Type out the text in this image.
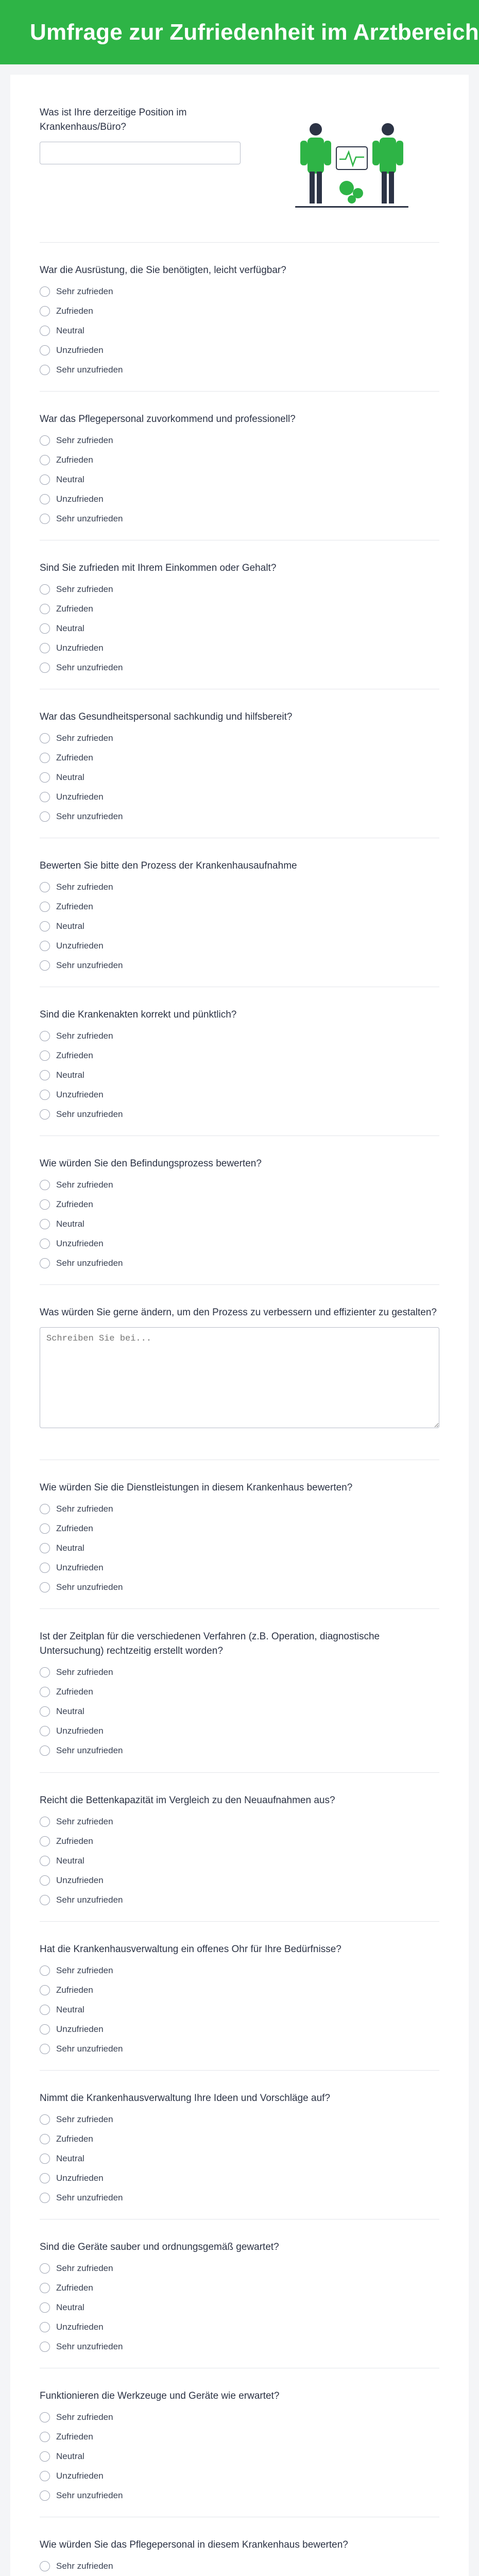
Umfrage zur Zufriedenheit im Arztbereich
Was ist Ihre derzeitige Position im Krankenhaus/Büro?
War die Ausrüstung, die Sie benötigten, leicht verfügbar?
Sehr zufrieden
Zufrieden
Neutral
Unzufrieden
Sehr unzufrieden
War das Pflegepersonal zuvorkommend und professionell?
Sehr zufrieden
Zufrieden
Neutral
Unzufrieden
Sehr unzufrieden
Sind Sie zufrieden mit Ihrem Einkommen oder Gehalt?
Sehr zufrieden
Zufrieden
Neutral
Unzufrieden
Sehr unzufrieden
War das Gesundheitspersonal sachkundig und hilfsbereit?
Sehr zufrieden
Zufrieden
Neutral
Unzufrieden
Sehr unzufrieden
Bewerten Sie bitte den Prozess der Krankenhausaufnahme
Sehr zufrieden
Zufrieden
Neutral
Unzufrieden
Sehr unzufrieden
Sind die Krankenakten korrekt und pünktlich?
Sehr zufrieden
Zufrieden
Neutral
Unzufrieden
Sehr unzufrieden
Wie würden Sie den Befindungsprozess bewerten?
Sehr zufrieden
Zufrieden
Neutral
Unzufrieden
Sehr unzufrieden
Was würden Sie gerne ändern, um den Prozess zu verbessern und effizienter zu gestalten?
Schreiben Sie bei...
Wie würden Sie die Dienstleistungen in diesem Krankenhaus bewerten?
Sehr zufrieden
Zufrieden
Neutral
Unzufrieden
Sehr unzufrieden
Ist der Zeitplan für die verschiedenen Verfahren (z.B. Operation, diagnostische Untersuchung) rechtzeitig erstellt worden?
Sehr zufrieden
Zufrieden
Neutral
Unzufrieden
Sehr unzufrieden
Reicht die Bettenkapazität im Vergleich zu den Neuaufnahmen aus?
Sehr zufrieden
Zufrieden
Neutral
Unzufrieden
Sehr unzufrieden
Hat die Krankenhausverwaltung ein offenes Ohr für Ihre Bedürfnisse?
Sehr zufrieden
Zufrieden
Neutral
Unzufrieden
Sehr unzufrieden
Nimmt die Krankenhausverwaltung Ihre Ideen und Vorschläge auf?
Sehr zufrieden
Zufrieden
Neutral
Unzufrieden
Sehr unzufrieden
Sind die Geräte sauber und ordnungsgemäß gewartet?
Sehr zufrieden
Zufrieden
Neutral
Unzufrieden
Sehr unzufrieden
Funktionieren die Werkzeuge und Geräte wie erwartet?
Sehr zufrieden
Zufrieden
Neutral
Unzufrieden
Sehr unzufrieden
Wie würden Sie das Pflegepersonal in diesem Krankenhaus bewerten?
Sehr zufrieden
